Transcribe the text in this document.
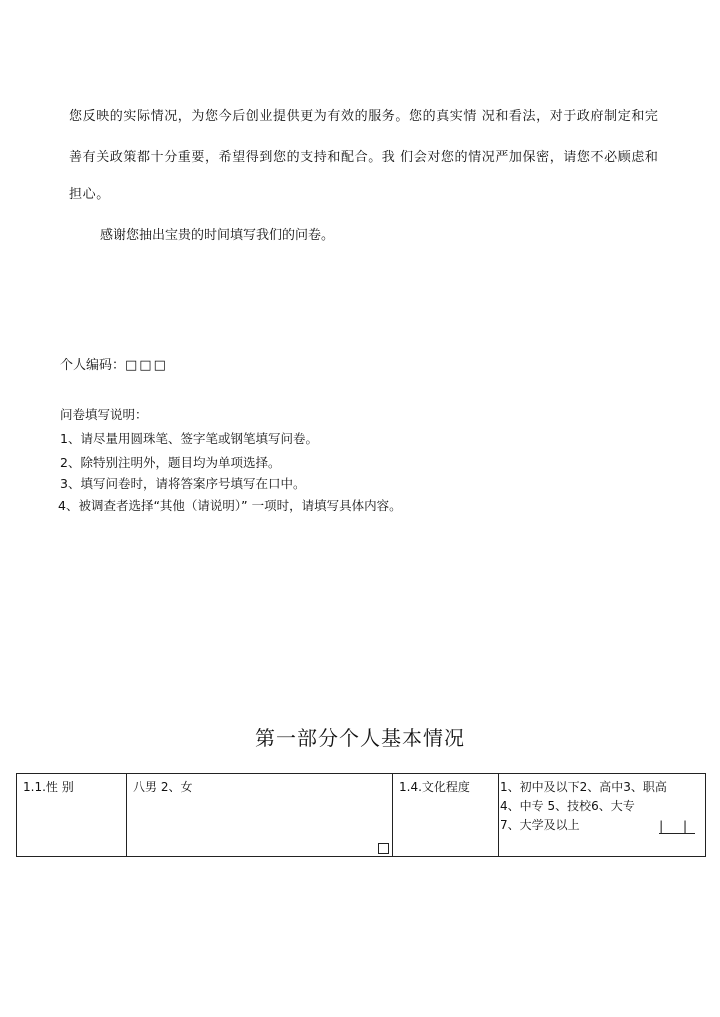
您反映的实际情况，为您今后创业提供更为有效的服务。您的真实情 况和看法，对于政府制定和完
善有关政策都十分重要，希望得到您的支持和配合。我 们会对您的情况严加保密，请您不必顾虑和
担心。
感谢您抽出宝贵的时间填写我们的问卷。
个人编码：□□□
问卷填写说明：
1、请尽量用圆珠笔、签字笔或钢笔填写问卷。
2、除特别注明外，题目均为单项选择。
3、填写问卷时，请将答案序号填写在口中。
4、被调查者选择“其他（请说明）” 一项时，请填写具体内容。
第一部分个人基本情况
1.1.性 别	八男 2、女	1.4.文化程度	1、初中及以下2、高中3、职高
4、中专 5、技校6、大专
7、大学及以上	| |
